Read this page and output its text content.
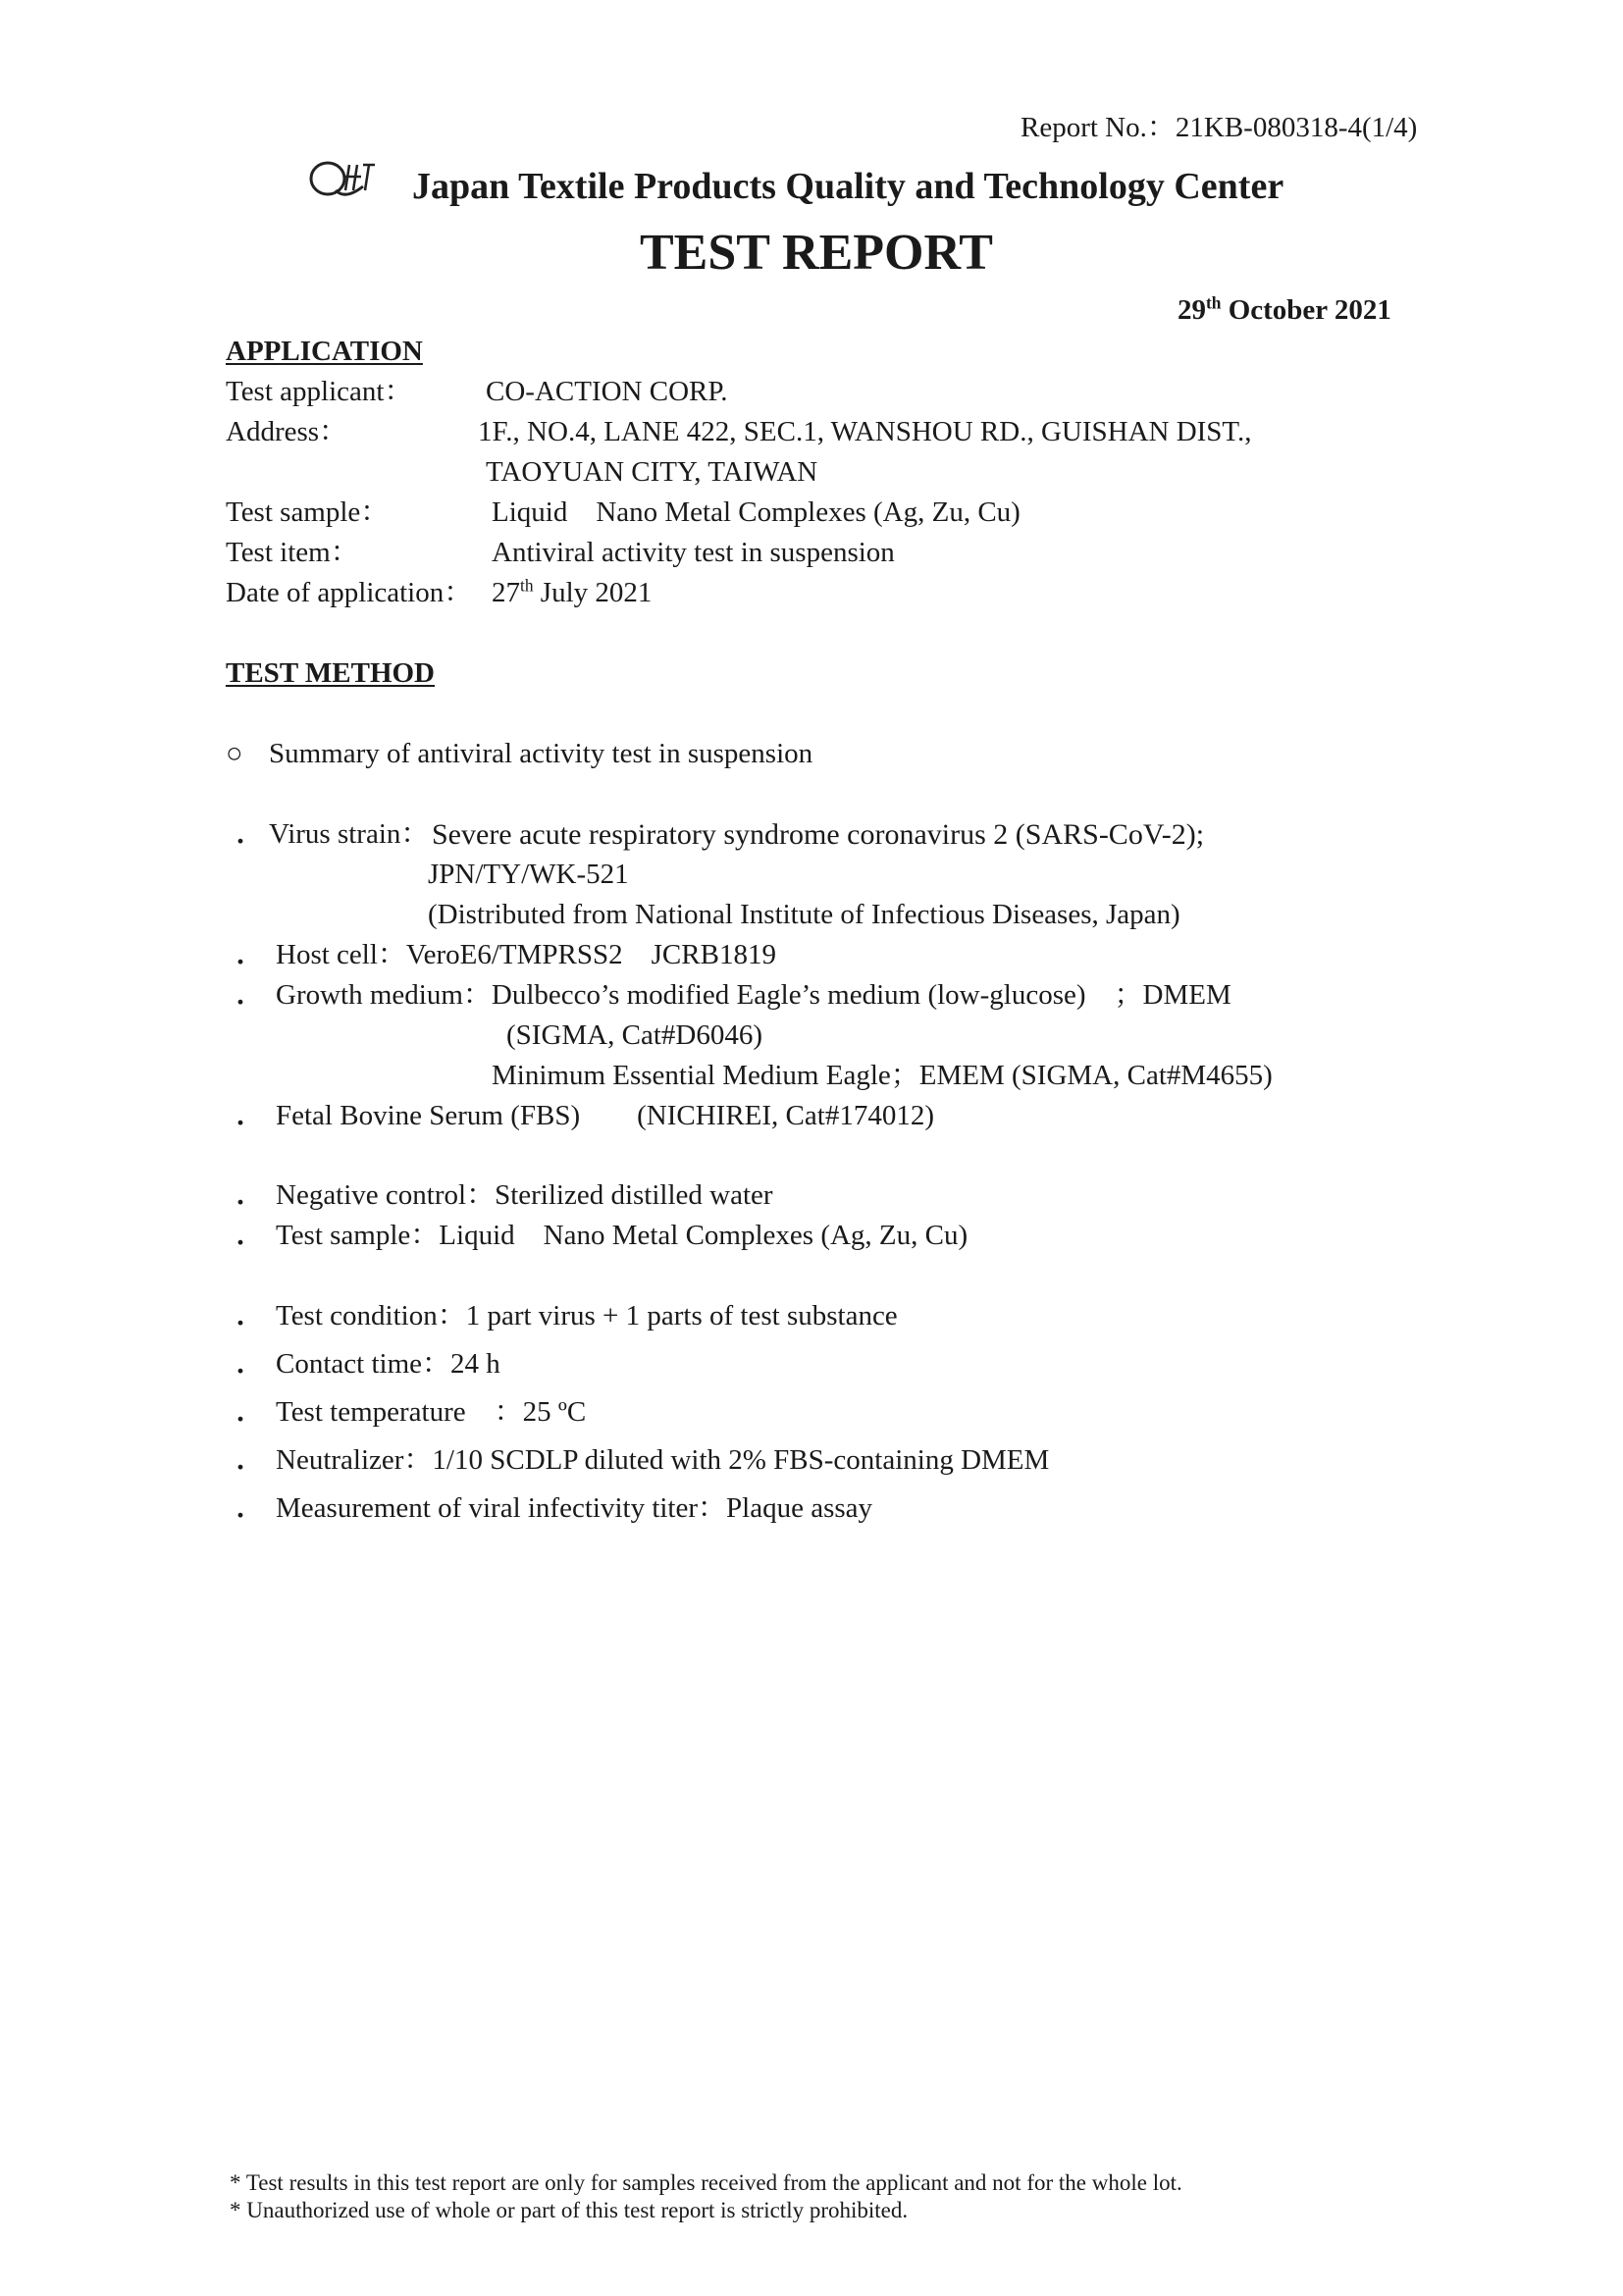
Report No.：21KB-080318-4(1/4)
Japan Textile Products Quality and Technology Center
TEST REPORT
29th October 2021
APPLICATION
Test applicant：	CO-ACTION CORP.
Address：	1F., NO.4, LANE 422, SEC.1, WANSHOU RD., GUISHAN DIST.,
TAOYUAN CITY, TAIWAN
Test sample：	Liquid　Nano Metal Complexes (Ag, Zu, Cu)
Test item：	Antiviral activity test in suspension
Date of application： 27th July 2021
TEST METHOD
○ Summary of antiviral activity test in suspension
・ Virus strain： Severe acute respiratory syndrome coronavirus 2 (SARS-CoV-2);
JPN/TY/WK-521
(Distributed from National Institute of Infectious Diseases, Japan)
・ Host cell：VeroE6/TMPRSS2　JCRB1819
・ Growth medium：Dulbecco’s modified Eagle’s medium (low-glucose)　；DMEM
(SIGMA, Cat#D6046)
Minimum Essential Medium Eagle；EMEM (SIGMA, Cat#M4655)
・ Fetal Bovine Serum (FBS)　　(NICHIREI, Cat#174012)
・ Negative control：Sterilized distilled water
・ Test sample：Liquid　Nano Metal Complexes (Ag, Zu, Cu)
・ Test condition：1 part virus + 1 parts of test substance
・ Contact time：24 h
・ Test temperature　：25 ºC
・ Neutralizer：1/10 SCDLP diluted with 2% FBS-containing DMEM
・ Measurement of viral infectivity titer：Plaque assay
* Test results in this test report are only for samples received from the applicant and not for the whole lot.
* Unauthorized use of whole or part of this test report is strictly prohibited.
